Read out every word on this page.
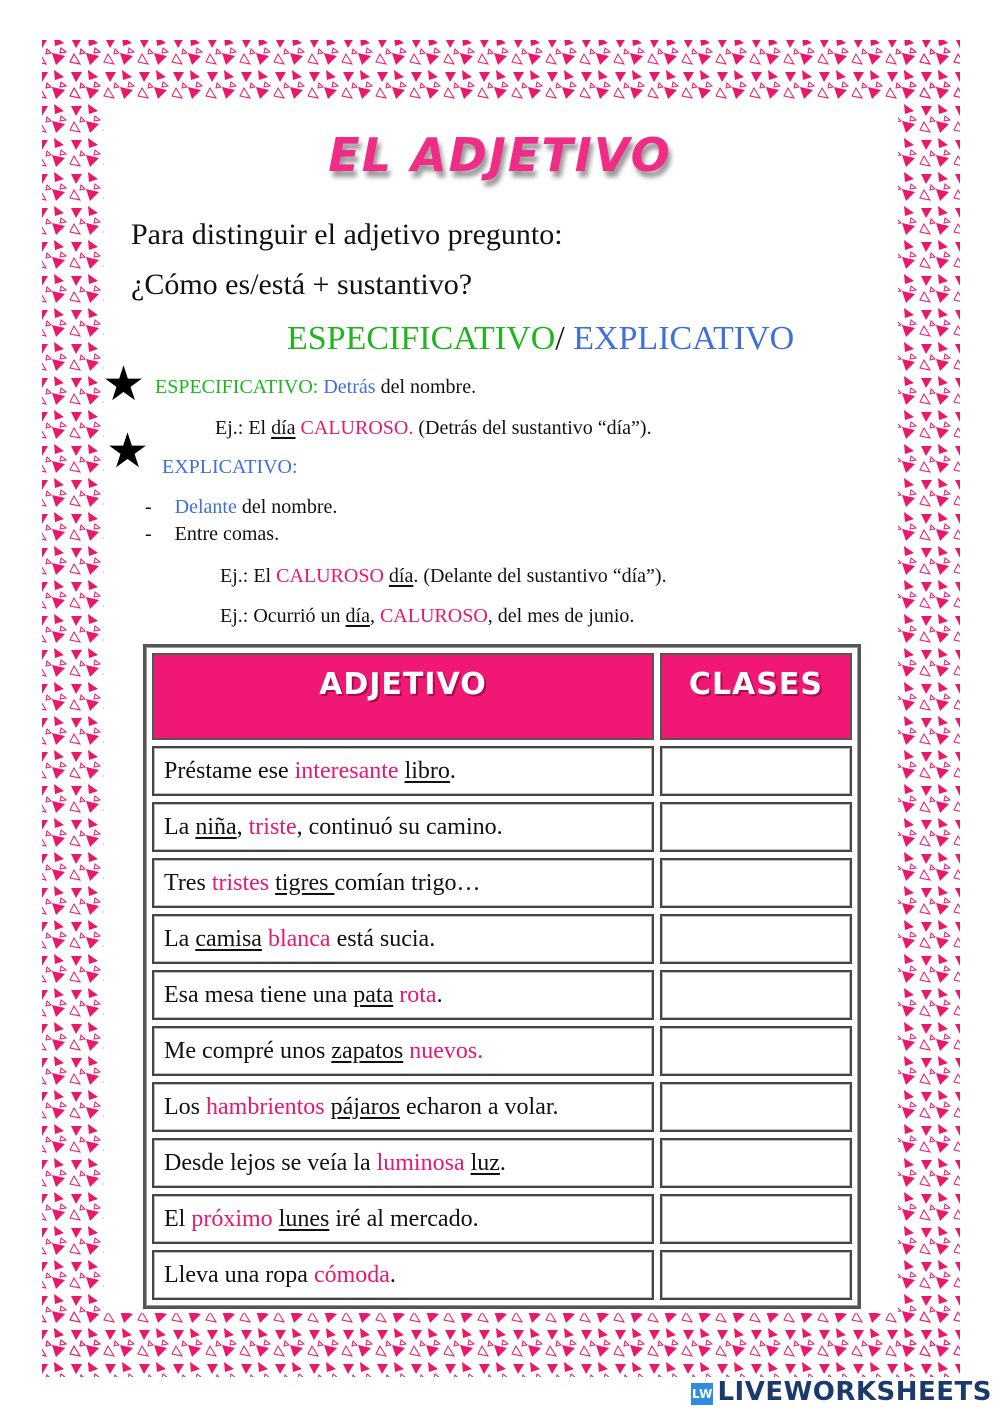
EL ADJETIVO
Para distinguir el adjetivo pregunto:
¿Cómo es/está + sustantivo?
ESPECIFICATIVO/ EXPLICATIVO
★ ESPECIFICATIVO: Detrás del nombre.
Ej.: El día CALUROSO. (Detrás del sustantivo “día”).
★ EXPLICATIVO:
- Delante del nombre.
- Entre comas.
Ej.: El CALUROSO día. (Delante del sustantivo “día”).
Ej.: Ocurrió un día, CALUROSO, del mes de junio.
ADJETIVO	CLASES
Préstame ese interesante libro.	
La niña, triste, continuó su camino.	
Tres tristes tigres comían trigo…	
La camisa blanca está sucia.	
Esa mesa tiene una pata rota.	
Me compré unos zapatos nuevos.	
Los hambrientos pájaros echaron a volar.	
Desde lejos se veía la luminosa luz.	
El próximo lunes iré al mercado.	
Lleva una ropa cómoda.	
LW LIVEWORKSHEETS
